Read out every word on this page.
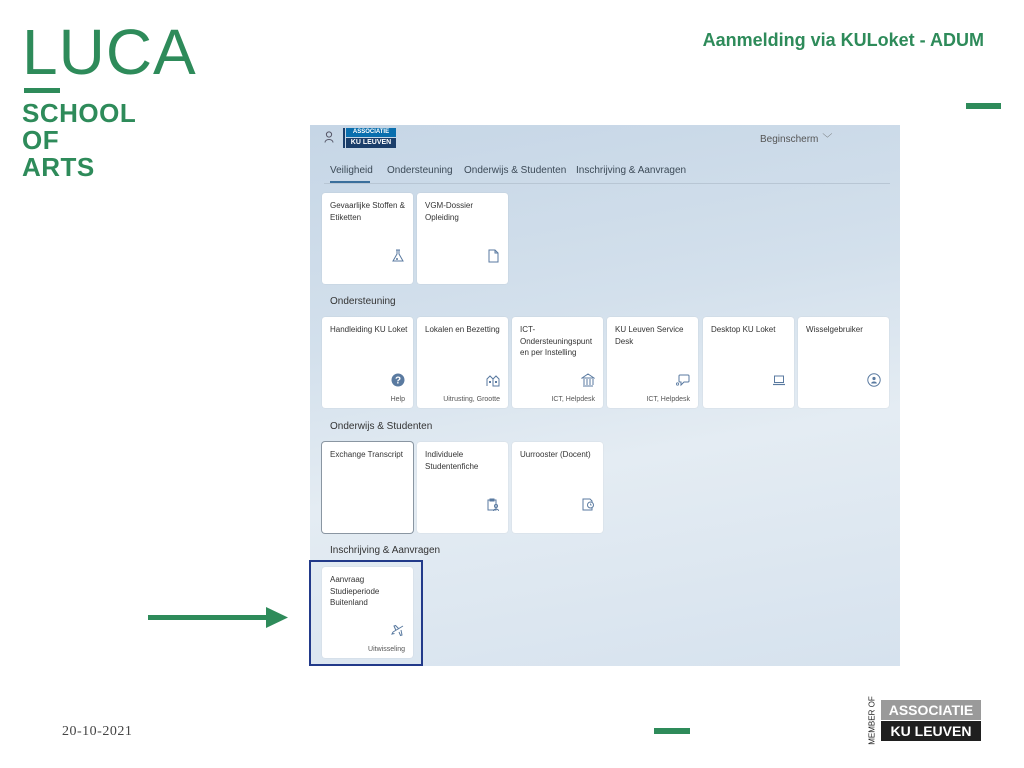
LUCA
SCHOOL
OF
ARTS
Aanmelding via KULoket - ADUM
20-10-2021	MEMBER OF ASSOCIATIE
KU LEUVEN
ASSOCIATIE
KU LEUVEN	Beginscherm ﹀
Veiligheid Ondersteuning Onderwijs & Studenten Inschrijving & Aanvragen
Gevaarlijke Stoffen & Etiketten
VGM-Dossier Opleiding
Ondersteuning
Handleiding KU Loket
?
Help
Lokalen en Bezetting
Uitrusting, Grootte
ICT-Ondersteuningspunt en per Instelling
ICT, Helpdesk
KU Leuven Service Desk
ICT, Helpdesk
Desktop KU Loket	Wisselgebruiker
Onderwijs & Studenten
Exchange Transcript	Individuele Studentenfiche
Uurrooster (Docent)
Inschrijving & Aanvragen
Aanvraag Studieperiode Buitenland
Uitwisseling
